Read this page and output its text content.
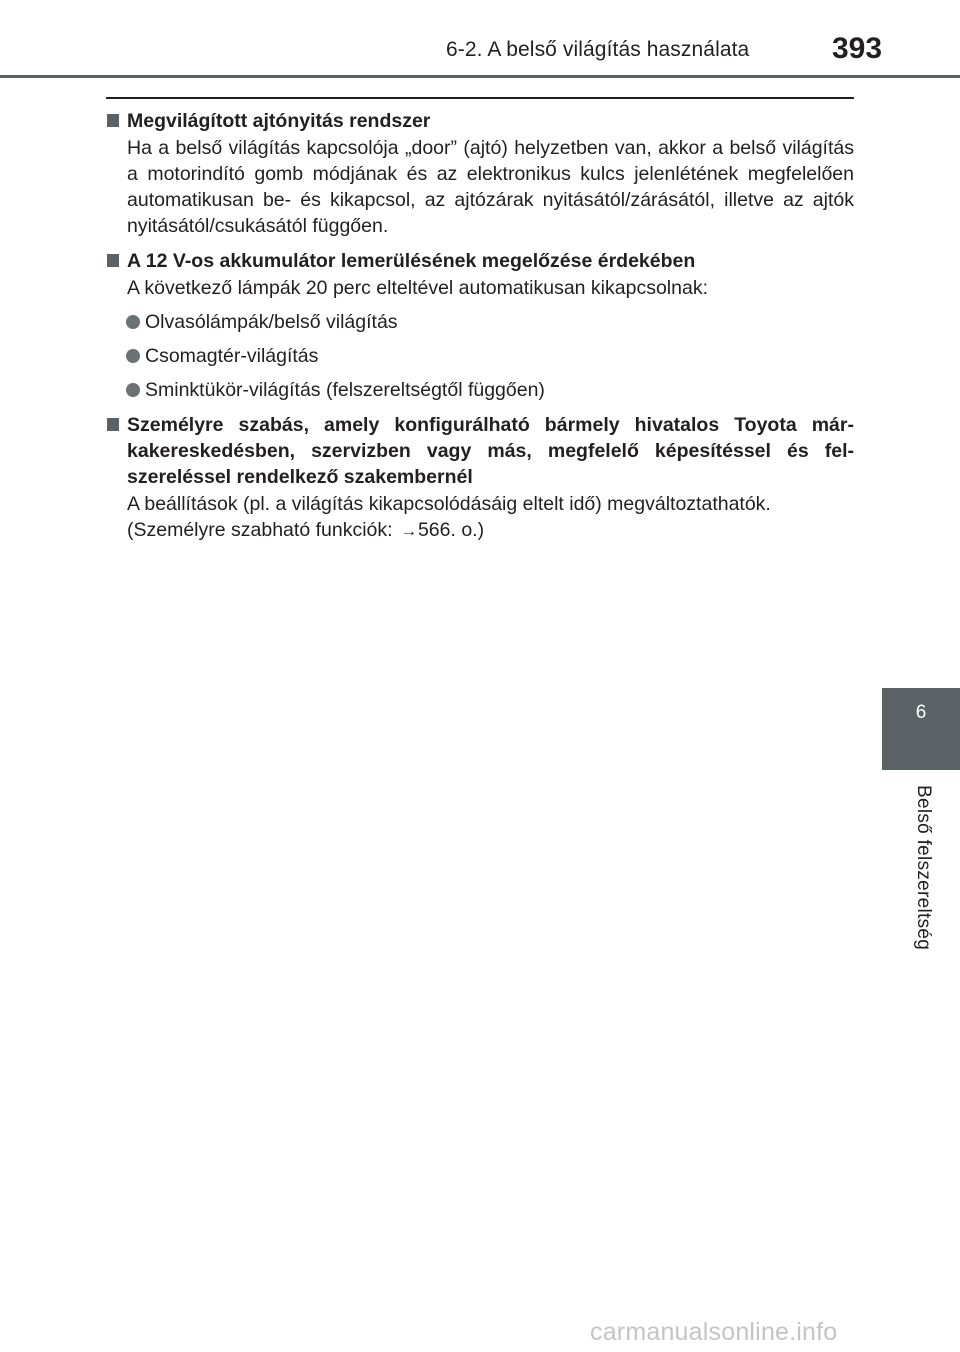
6-2. A belső világítás használata	393
Megvilágított ajtónyitás rendszer
Ha a belső világítás kapcsolója „door” (ajtó) helyzetben van, akkor a belső világítás a motorindító gomb módjának és az elektronikus kulcs jelenlétének megfelelően automatikusan be- és kikapcsol, az ajtózárak nyitásától/zárásától, illetve az ajtók nyitásától/csukásától függően.
A 12 V-os akkumulátor lemerülésének megelőzése érdekében
A következő lámpák 20 perc elteltével automatikusan kikapcsolnak:
Olvasólámpák/belső világítás
Csomagtér-világítás
Sminktükör-világítás (felszereltségtől függően)
Személyre szabás, amely konfigurálható bármely hivatalos Toyota márkakereskedésben, szervizben vagy más, megfelelő képesítéssel és felszereléssel rendelkező szakembernél
A beállítások (pl. a világítás kikapcsolódásáig eltelt idő) megváltoztathatók.
(Személyre szabható funkciók: →566. o.)
6
Belső felszereltség
carmanualsonline.info
